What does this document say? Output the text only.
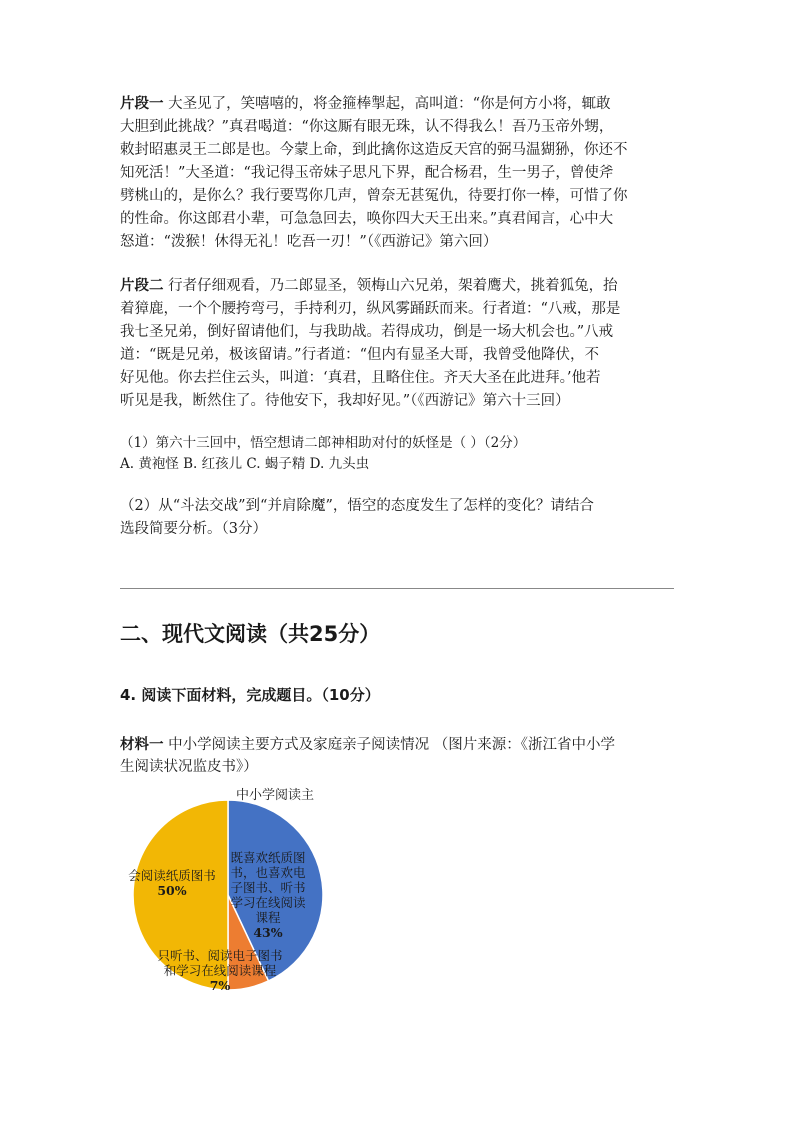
片段一 大圣见了，笑嘻嘻的，将金箍棒掣起，高叫道：“你是何方小将，辄敢
大胆到此挑战？”真君喝道：“你这厮有眼无珠，认不得我么！吾乃玉帝外甥，
敕封昭惠灵王二郎是也。今蒙上命，到此擒你这造反天宫的弼马温猢狲，你还不
知死活！”大圣道：“我记得玉帝妹子思凡下界，配合杨君，生一男子，曾使斧
劈桃山的，是你么？我行要骂你几声，曾奈无甚冤仇，待要打你一棒，可惜了你
的性命。你这郎君小辈，可急急回去，唤你四大天王出来。”真君闻言，心中大
怒道：“泼猴！休得无礼！吃吾一刃！”（《西游记》第六回）

片段二 行者仔细观看，乃二郎显圣，领梅山六兄弟，架着鹰犬，挑着狐兔，抬
着獐鹿，一个个腰挎弯弓，手持利刃，纵风雾踊跃而来。行者道：“八戒，那是
我七圣兄弟，倒好留请他们，与我助战。若得成功，倒是一场大机会也。”八戒
道：“既是兄弟，极该留请。”行者道：“但内有显圣大哥，我曾受他降伏，不
好见他。你去拦住云头，叫道：‘真君，且略住住。齐天大圣在此进拜。’他若
听见是我，断然住了。待他安下，我却好见。”（《西游记》第六十三回）

（1）第六十三回中，悟空想请二郎神相助对付的妖怪是（ ）（2分）

A. 黄袍怪 B. 红孩儿 C. 蝎子精 D. 九头虫

（2）从“斗法交战”到“并肩除魔”，悟空的态度发生了怎样的变化？请结合

选段简要分析。（3分）

二、现代文阅读（共25分）
4. 阅读下面材料，完成题目。（10分）
材料一 中小学阅读主要方式及家庭亲子阅读情况 （图片来源：《浙江省中小学
生阅读状况监皮书》）
中小学阅读主
既喜欢纸质图书，也喜欢电子图书、听书学习在线阅读课程 43%
只听书、阅读电子图书和学习在线阅读课程 7%
会阅读纸质图书 50%
